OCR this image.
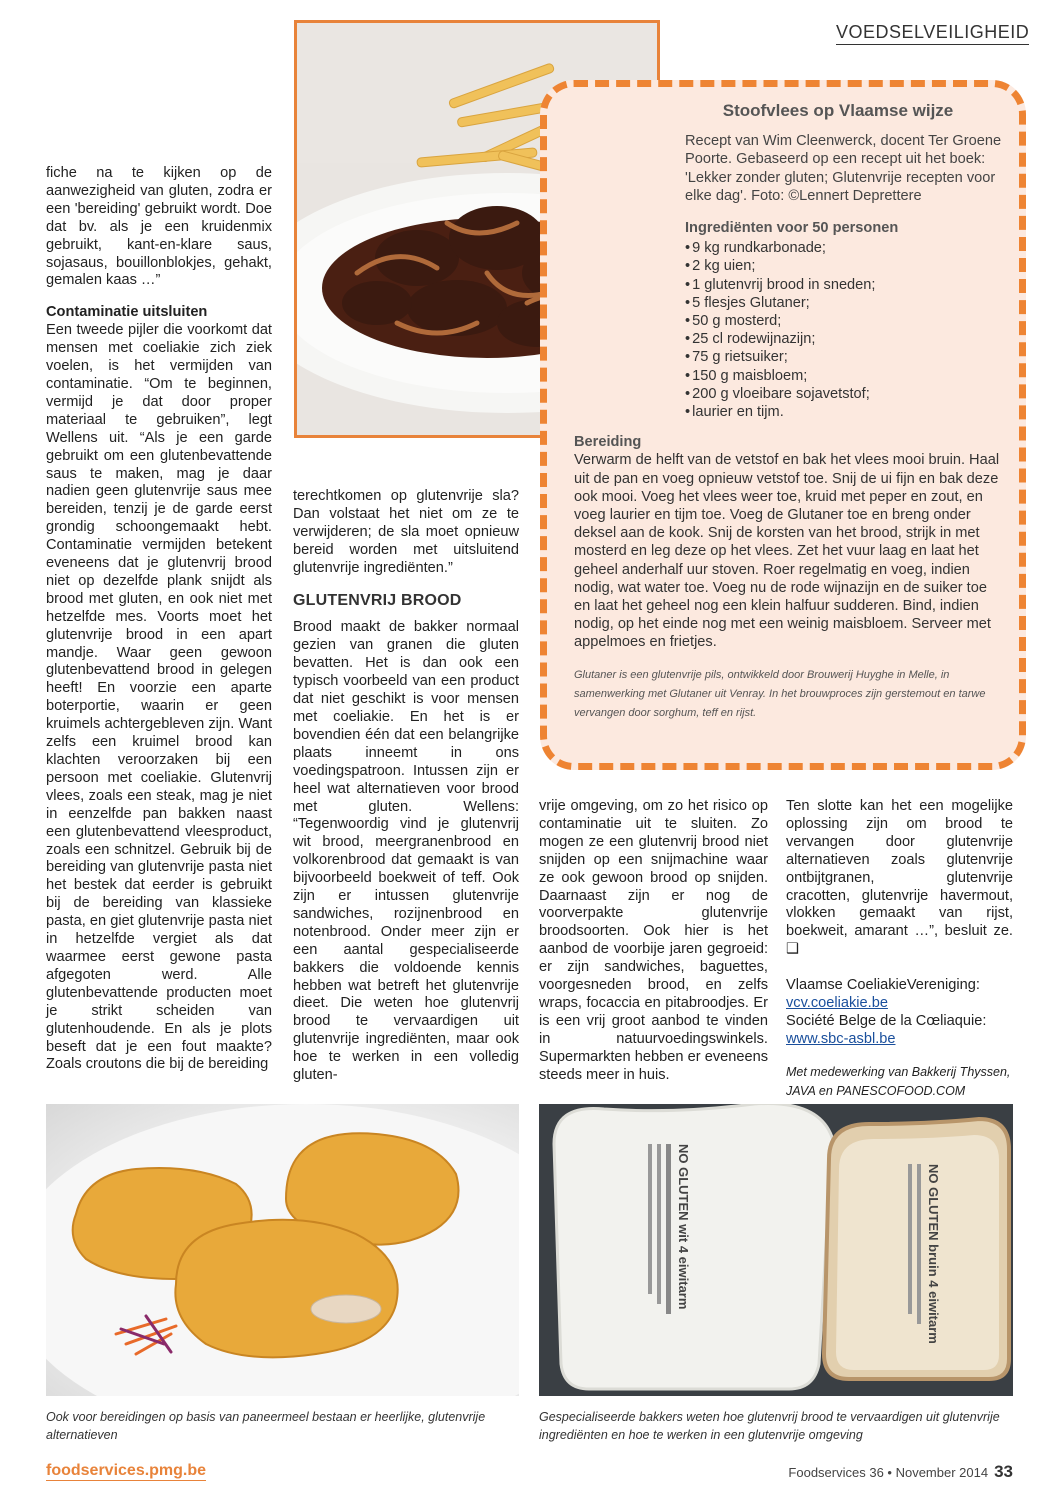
VOEDSELVEILIGHEID
Stoofvlees op Vlaamse wijze
Recept van Wim Cleenwerck, docent Ter Groene Poorte. Gebaseerd op een recept uit het boek: 'Lekker zonder gluten; Glutenvrije recepten voor elke dag'. Foto: ©Lennert Deprettere
Ingrediënten voor 50 personen
• 9 kg rundkarbonade;
• 2 kg uien;
• 1 glutenvrij brood in sneden;
• 5 flesjes Glutaner;
• 50 g mosterd;
• 25 cl rodewijnazijn;
• 75 g rietsuiker;
• 150 g maisbloem;
• 200 g vloeibare sojavetstof;
• laurier en tijm.
Bereiding

Verwarm de helft van de vetstof en bak het vlees mooi bruin. Haal uit de pan en voeg opnieuw vetstof toe. Snij de ui fijn en bak deze ook mooi. Voeg het vlees weer toe, kruid met peper en zout, en voeg laurier en tijm toe. Voeg de Glutaner toe en breng onder deksel aan de kook. Snij de korsten van het brood, strijk in met mosterd en leg deze op het vlees. Zet het vuur laag en laat het geheel anderhalf uur stoven. Roer regelmatig en voeg, indien nodig, wat water toe. Voeg nu de rode wijnazijn en de suiker toe en laat het geheel nog een klein halfuur sudderen. Bind, indien nodig, op het einde nog met een weinig maisbloem. Serveer met appelmoes en frietjes.

Glutaner is een glutenvrije pils, ontwikkeld door Brouwerij Huyghe in Melle, in samenwerking met Glutaner uit Venray. In het brouwproces zijn gerstemout en tarwe vervangen door sorghum, teff en rijst.

fiche na te kijken op de aanwezigheid van gluten, zodra er een 'bereiding' gebruikt wordt. Doe dat bv. als je een kruidenmix gebruikt, kant-en-klare saus, sojasaus, bouillonblokjes, gehakt, gemalen kaas …”

Contaminatie uitsluiten

Een tweede pijler die voorkomt dat mensen met coeliakie zich ziek voelen, is het vermijden van contaminatie. “Om te beginnen, vermijd je dat door proper materiaal te gebruiken”, legt Wellens uit. “Als je een garde gebruikt om een glutenbevattende saus te maken, mag je daar nadien geen glutenvrije saus mee bereiden, tenzij je de garde eerst grondig schoongemaakt hebt. Contaminatie vermijden betekent eveneens dat je glutenvrij brood niet op dezelfde plank snijdt als brood met gluten, en ook niet met hetzelfde mes. Voorts moet het glutenvrije brood in een apart mandje. Waar geen gewoon glutenbevattend brood in gelegen heeft! En voorzie een aparte boterportie, waarin er geen kruimels achtergebleven zijn. Want zelfs een kruimel brood kan klachten veroorzaken bij een persoon met coeliakie. Glutenvrij vlees, zoals een steak, mag je niet in eenzelfde pan bakken naast een glutenbevattend vleesproduct, zoals een schnitzel. Gebruik bij de bereiding van glutenvrije pasta niet het bestek dat eerder is gebruikt bij de bereiding van klassieke pasta, en giet glutenvrije pasta niet in hetzelfde vergiet als dat waarmee eerst gewone pasta afgegoten werd. Alle glutenbevattende producten moet je strikt scheiden van glutenhoudende. En als je plots beseft dat je een fout maakte? Zoals croutons die bij de bereiding

terechtkomen op glutenvrije sla? Dan volstaat het niet om ze te verwijderen; de sla moet opnieuw bereid worden met uitsluitend glutenvrije ingrediënten.”

GLUTENVRIJ BROOD

Brood maakt de bakker normaal gezien van granen die gluten bevatten. Het is dan ook een typisch voorbeeld van een product dat niet geschikt is voor mensen met coeliakie. En het is er bovendien één dat een belangrijke plaats inneemt in ons voedingspatroon. Intussen zijn er heel wat alternatieven voor brood met gluten. Wellens: “Tegenwoordig vind je glutenvrij wit brood, meergranenbrood en volkorenbrood dat gemaakt is van bijvoorbeeld boekweit of teff. Ook zijn er intussen glutenvrije sandwiches, rozijnenbrood en notenbrood. Onder meer zijn er een aantal gespecialiseerde bakkers die voldoende kennis hebben wat betreft het glutenvrije dieet. Die weten hoe glutenvrij brood te vervaardigen uit glutenvrije ingrediënten, maar ook hoe te werken in een volledig gluten-

vrije omgeving, om zo het risico op contaminatie uit te sluiten. Zo mogen ze een glutenvrij brood niet snijden op een snijmachine waar ze ook gewoon brood op snijden. Daarnaast zijn er nog de voorverpakte glutenvrije broodsoorten. Ook hier is het aanbod de voorbije jaren gegroeid: er zijn sandwiches, baguettes, voorgesneden brood, en zelfs wraps, focaccia en pitabroodjes. Er is een vrij groot aanbod te vinden in natuurvoedingswinkels. Supermarkten hebben er eveneens steeds meer in huis.

Ten slotte kan het een mogelijke oplossing zijn om brood te vervangen door glutenvrije alternatieven zoals glutenvrije ontbijtgranen, glutenvrije cracotten, glutenvrije havermout, vlokken gemaakt van rijst, boekweit, amarant …”, besluit ze. ❑

Vlaamse CoeliakieVereniging:
vcv.coeliakie.be
Société Belge de la Cœliaquie:
www.sbc-asbl.be
Met medewerking van Bakkerij Thyssen, JAVA en PANESCOFOOD.COM
NO GLUTEN wit 4 eiwitarm	NO GLUTEN bruin 4 eiwitarm
Ook voor bereidingen op basis van paneermeel bestaan er heerlijke, glutenvrije alternatieven
Gespecialiseerde bakkers weten hoe glutenvrij brood te vervaardigen uit glutenvrije ingrediënten en hoe te werken in een glutenvrije omgeving
foodservices.pmg.be	Foodservices 36 • November 2014 33
